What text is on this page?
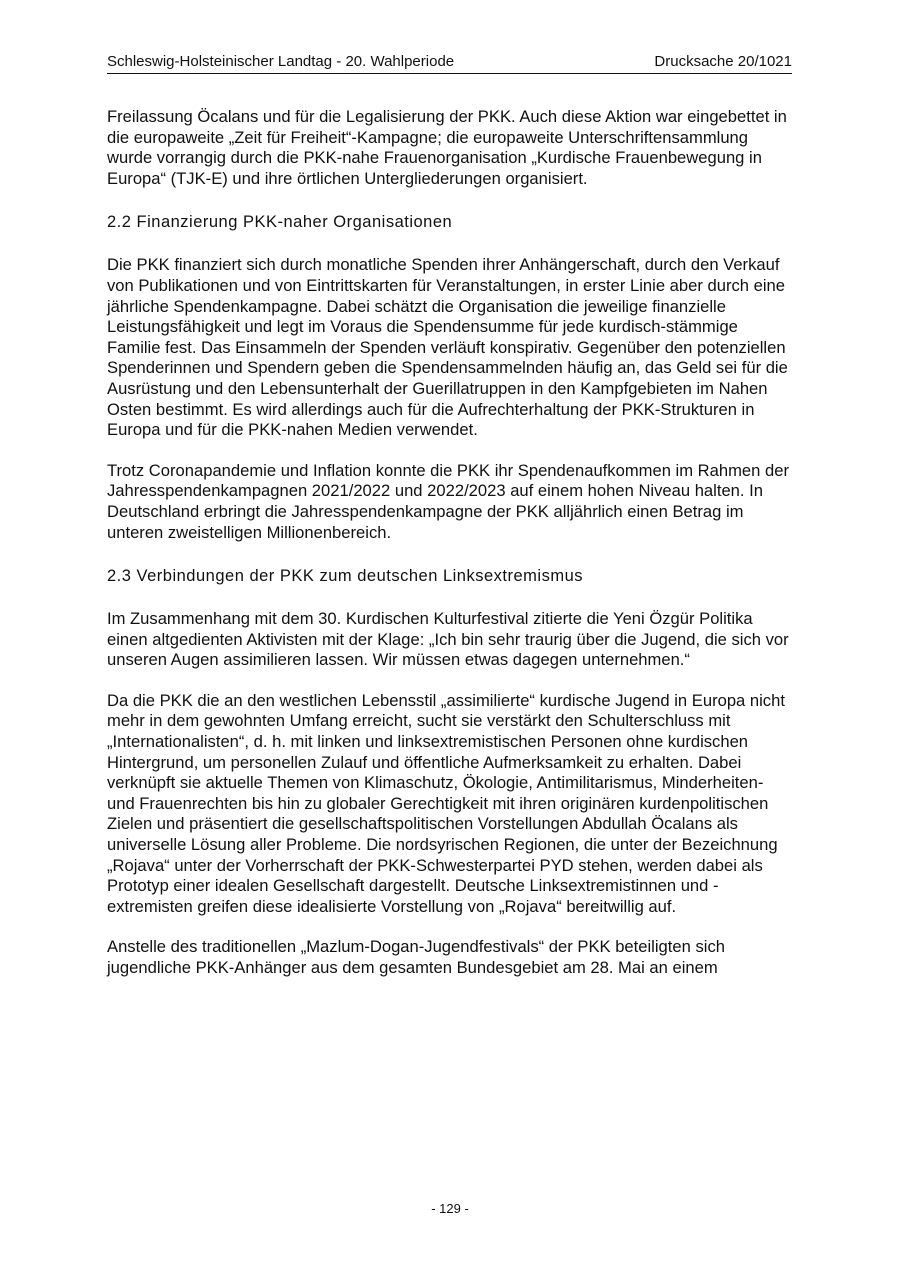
Schleswig-Holsteinischer Landtag - 20. Wahlperiode	Drucksache 20/1021

Freilassung Öcalans und für die Legalisierung der PKK. Auch diese Aktion war eingebettet in die europaweite „Zeit für Freiheit“-Kampagne; die europaweite Unterschriftensammlung wurde vorrangig durch die PKK-nahe Frauenorganisation „Kurdische Frauenbewegung in Europa“ (TJK-E) und ihre örtlichen Untergliederungen organisiert.

2.2 Finanzierung PKK-naher Organisationen

Die PKK finanziert sich durch monatliche Spenden ihrer Anhängerschaft, durch den Verkauf von Publikationen und von Eintrittskarten für Veranstaltungen, in erster Linie aber durch eine jährliche Spendenkampagne. Dabei schätzt die Organisation die jeweilige finanzielle Leistungsfähigkeit und legt im Voraus die Spendensumme für jede kurdisch-stämmige Familie fest. Das Einsammeln der Spenden verläuft konspirativ. Gegenüber den potenziellen Spenderinnen und Spendern geben die Spendensammelnden häufig an, das Geld sei für die Ausrüstung und den Lebensunterhalt der Guerillatruppen in den Kampfgebieten im Nahen Osten bestimmt. Es wird allerdings auch für die Aufrechterhaltung der PKK-Strukturen in Europa und für die PKK-nahen Medien verwendet.

Trotz Coronapandemie und Inflation konnte die PKK ihr Spendenaufkommen im Rahmen der Jahresspendenkampagnen 2021/2022 und 2022/2023 auf einem hohen Niveau halten. In Deutschland erbringt die Jahresspendenkampagne der PKK alljährlich einen Betrag im unteren zweistelligen Millionenbereich.

2.3 Verbindungen der PKK zum deutschen Linksextremismus

Im Zusammenhang mit dem 30. Kurdischen Kulturfestival zitierte die Yeni Özgür Politika einen altgedienten Aktivisten mit der Klage: „Ich bin sehr traurig über die Jugend, die sich vor unseren Augen assimilieren lassen. Wir müssen etwas dagegen unternehmen.“

Da die PKK die an den westlichen Lebensstil „assimilierte“ kurdische Jugend in Europa nicht mehr in dem gewohnten Umfang erreicht, sucht sie verstärkt den Schulterschluss mit „Internationalisten“, d. h. mit linken und linksextremistischen Personen ohne kurdischen Hintergrund, um personellen Zulauf und öffentliche Aufmerksamkeit zu erhalten. Dabei verknüpft sie aktuelle Themen von Klimaschutz, Ökologie, Antimilitarismus, Minderheiten- und Frauenrechten bis hin zu globaler Gerechtigkeit mit ihren originären kurdenpolitischen Zielen und präsentiert die gesellschaftspolitischen Vorstellungen Abdullah Öcalans als universelle Lösung aller Probleme. Die nordsyrischen Regionen, die unter der Bezeichnung „Rojava“ unter der Vorherrschaft der PKK-Schwesterpartei PYD stehen, werden dabei als Prototyp einer idealen Gesellschaft dargestellt. Deutsche Linksextremistinnen und -extremisten greifen diese idealisierte Vorstellung von „Rojava“ bereitwillig auf.

Anstelle des traditionellen „Mazlum-Dogan-Jugendfestivals“ der PKK beteiligten sich jugendliche PKK-Anhänger aus dem gesamten Bundesgebiet am 28. Mai an einem

- 129 -
